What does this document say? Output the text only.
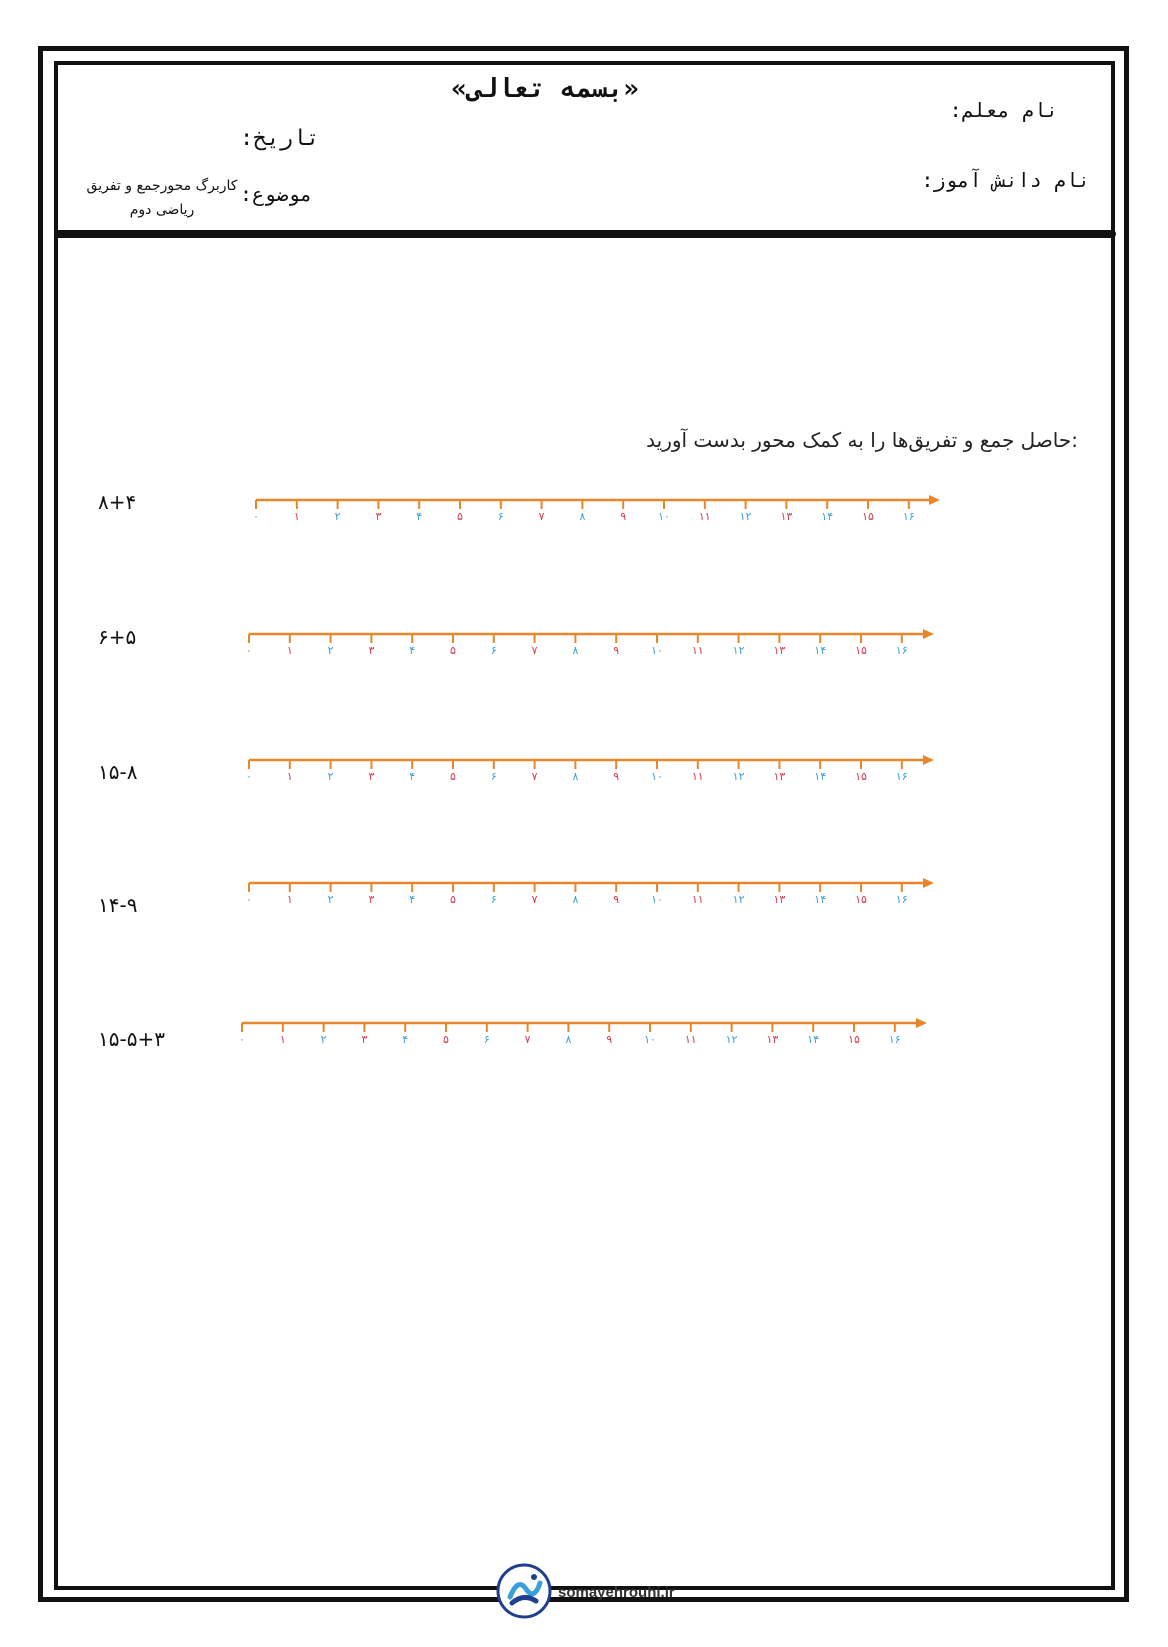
«بسمه تعالی»
نام معلم:
نام دانش آموز:
تاریخ:
موضوع:
کاربرگ محورجمع و تفریق
ریاضی دوم
:حاصل جمع و تفریق‌ها را به کمک محور بدست آورید
۸+۴
۶+۵
۱۵-۸
۱۴-۹
۱۵-۵+۳
۰	۱	۲	۳	۴	۵	۶	۷	۸	۹	۱۰	۱۱	۱۲	۱۳	۱۴	۱۵	۱۶
۰	۱	۲	۳	۴	۵	۶	۷	۸	۹	۱۰	۱۱	۱۲	۱۳	۱۴	۱۵	۱۶
۰	۱	۲	۳	۴	۵	۶	۷	۸	۹	۱۰	۱۱	۱۲	۱۳	۱۴	۱۵	۱۶
۰	۱	۲	۳	۴	۵	۶	۷	۸	۹	۱۰	۱۱	۱۲	۱۳	۱۴	۱۵	۱۶
۰	۱	۲	۳	۴	۵	۶	۷	۸	۹	۱۰	۱۱	۱۲	۱۳	۱۴	۱۵	۱۶
somayehrouhi.ir
